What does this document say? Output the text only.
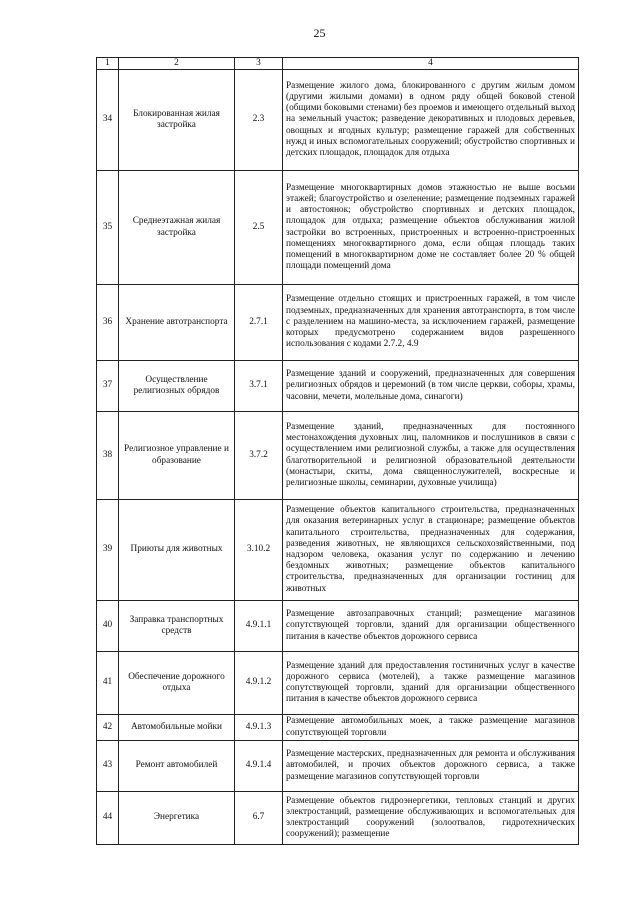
25
1	2	3	4
34	Блокированная жилая застройка	2.3	Размещение жилого дома, блокированного с другим жилым домом (другими жилыми домами) в одном ряду общей боковой стеной (общими боковыми стенами) без проемов и имеющего отдельный выход на земельный участок; разведение декоративных и плодовых деревьев, овощных и ягодных культур; размещение гаражей для собственных нужд и иных вспомогательных сооружений; обустройство спортивных и детских площадок, площадок для отдыха
35	Среднеэтажная жилая застройка	2.5	Размещение многоквартирных домов этажностью не выше восьми этажей; благоустройство и озеленение; размещение подземных гаражей и автостоянок; обустройство спортивных и детских площадок, площадок для отдыха; размещение объектов обслуживания жилой застройки во встроенных, пристроенных и встроенно-пристроенных помещениях многоквартирного дома, если общая площадь таких помещений в многоквартирном доме не составляет более 20 % общей площади помещений дома
36	Хранение автотранспорта	2.7.1	Размещение отдельно стоящих и пристроенных гаражей, в том числе подземных, предназначенных для хранения автотранспорта, в том числе с разделением на машино-места, за исключением гаражей, размещение которых предусмотрено содержанием видов разрешенного использования с кодами 2.7.2, 4.9
37	Осуществление религиозных обрядов	3.7.1	Размещение зданий и сооружений, предназначенных для совершения религиозных обрядов и церемоний (в том числе церкви, соборы, храмы, часовни, мечети, молельные дома, синагоги)
38	Религиозное управление и образование	3.7.2	Размещение зданий, предназначенных для постоянного местонахождения духовных лиц, паломников и послушников в связи с осуществлением ими религиозной службы, а также для осуществления благотворительной и религиозной образовательной деятельности (монастыри, скиты, дома священнослужителей, воскресные и религиозные школы, семинарии, духовные училища)
39	Приюты для животных	3.10.2	Размещение объектов капитального строительства, предназначенных для оказания ветеринарных услуг в стационаре; размещение объектов капитального строительства, предназначенных для содержания, разведения животных, не являющихся сельскохозяйственными, под надзором человека, оказания услуг по содержанию и лечению бездомных животных; размещение объектов капитального строительства, предназначенных для организации гостиниц для животных
40	Заправка транспортных средств	4.9.1.1	Размещение автозаправочных станций; размещение магазинов сопутствующей торговли, зданий для организации общественного питания в качестве объектов дорожного сервиса
41	Обеспечение дорожного отдыха	4.9.1.2	Размещение зданий для предоставления гостиничных услуг в качестве дорожного сервиса (мотелей), а также размещение магазинов сопутствующей торговли, зданий для организации общественного питания в качестве объектов дорожного сервиса
42	Автомобильные мойки	4.9.1.3	Размещение автомобильных моек, а также размещение магазинов сопутствующей торговли
43	Ремонт автомобилей	4.9.1.4	Размещение мастерских, предназначенных для ремонта и обслуживания автомобилей, и прочих объектов дорожного сервиса, а также размещение магазинов сопутствующей торговли
44	Энергетика	6.7	Размещение объектов гидроэнергетики, тепловых станций и других электростанций, размещение обслуживающих и вспомогательных для электростанций сооружений (золоотвалов, гидротехнических сооружений); размещение
